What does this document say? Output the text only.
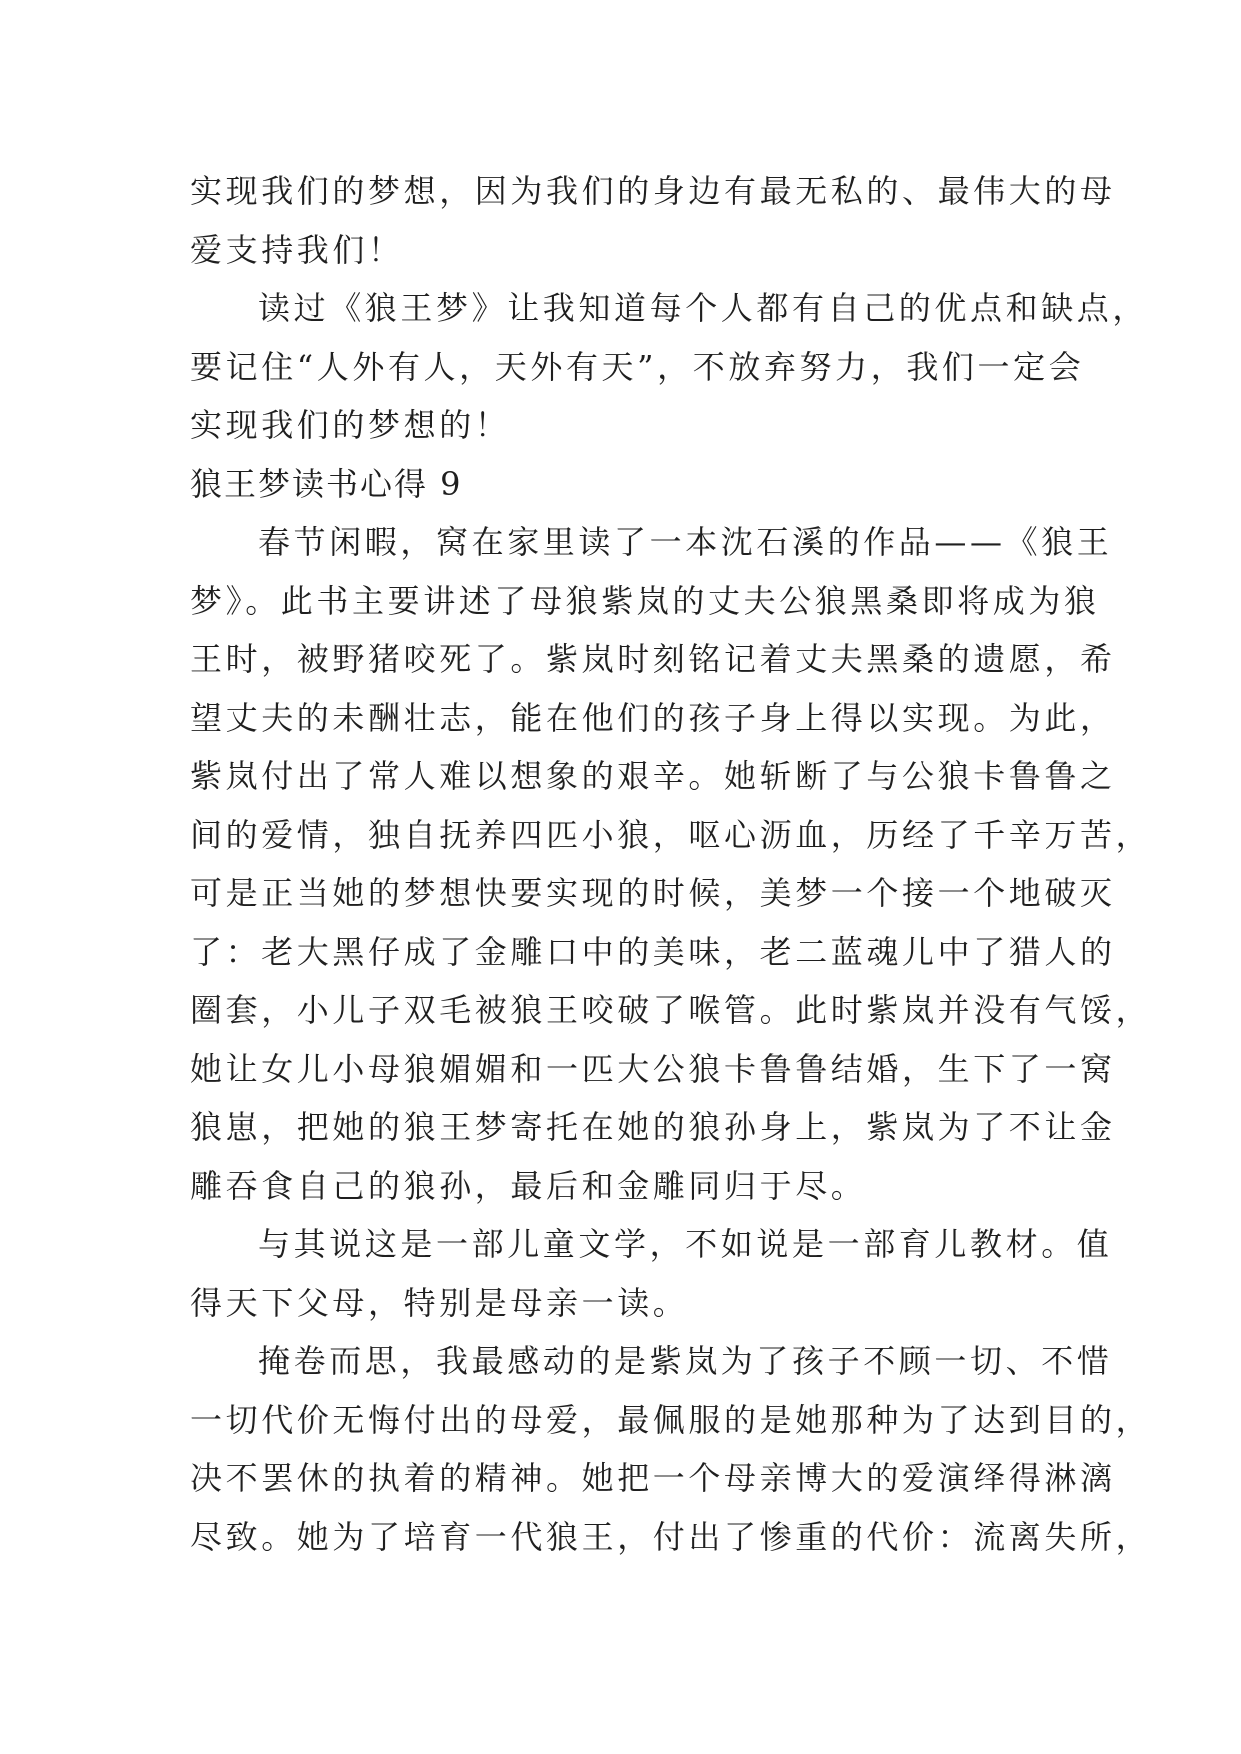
实现我们的梦想，因为我们的身边有最无私的、最伟大的母
爱支持我们！
读过《狼王梦》让我知道每个人都有自己的优点和缺点，
要记住“人外有人，天外有天”，不放弃努力，我们一定会
实现我们的梦想的！
狼王梦读书心得 9
春节闲暇，窝在家里读了一本沈石溪的作品——《狼王
梦》。此书主要讲述了母狼紫岚的丈夫公狼黑桑即将成为狼
王时，被野猪咬死了。紫岚时刻铭记着丈夫黑桑的遗愿，希
望丈夫的未酬壮志，能在他们的孩子身上得以实现。为此，
紫岚付出了常人难以想象的艰辛。她斩断了与公狼卡鲁鲁之
间的爱情，独自抚养四匹小狼，呕心沥血，历经了千辛万苦，
可是正当她的梦想快要实现的时候，美梦一个接一个地破灭
了：老大黑仔成了金雕口中的美味，老二蓝魂儿中了猎人的
圈套，小儿子双毛被狼王咬破了喉管。此时紫岚并没有气馁，
她让女儿小母狼媚媚和一匹大公狼卡鲁鲁结婚，生下了一窝
狼崽，把她的狼王梦寄托在她的狼孙身上，紫岚为了不让金
雕吞食自己的狼孙，最后和金雕同归于尽。
与其说这是一部儿童文学，不如说是一部育儿教材。值
得天下父母，特别是母亲一读。
掩卷而思，我最感动的是紫岚为了孩子不顾一切、不惜
一切代价无悔付出的母爱，最佩服的是她那种为了达到目的，
决不罢休的执着的精神。她把一个母亲博大的爱演绎得淋漓
尽致。她为了培育一代狼王，付出了惨重的代价：流离失所，
